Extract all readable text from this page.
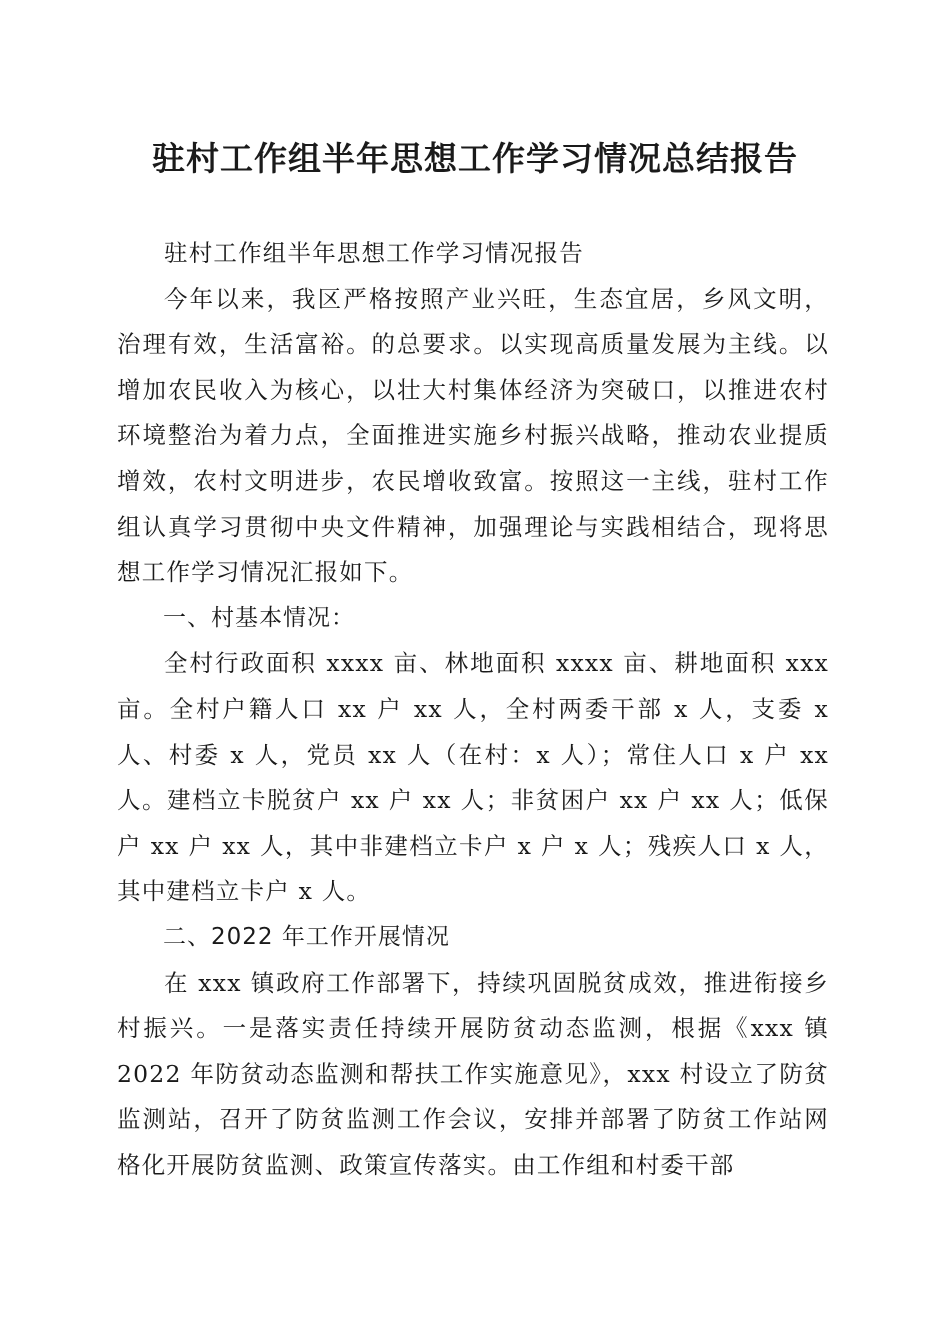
驻村工作组半年思想工作学习情况总结报告

驻村工作组半年思想工作学习情况报告

今年以来，我区严格按照产业兴旺，生态宜居，乡风文明，治理有效，生活富裕。的总要求。以实现高质量发展为主线。以增加农民收入为核心，以壮大村集体经济为突破口，以推进农村环境整治为着力点，全面推进实施乡村振兴战略，推动农业提质增效，农村文明进步，农民增收致富。按照这一主线，驻村工作组认真学习贯彻中央文件精神，加强理论与实践相结合，现将思想工作学习情况汇报如下。

一、村基本情况：

全村行政面积 xxxx 亩、林地面积 xxxx 亩、耕地面积 xxx 亩。全村户籍人口 xx 户 xx 人，全村两委干部 x 人，支委 x 人、村委 x 人，党员 xx 人（在村：x 人）；常住人口 x 户 xx 人。建档立卡脱贫户 xx 户 xx 人；非贫困户 xx 户 xx 人；低保户 xx 户 xx 人，其中非建档立卡户 x 户 x 人；残疾人口 x 人，其中建档立卡户 x 人。

二、2022 年工作开展情况

在 xxx 镇政府工作部署下，持续巩固脱贫成效，推进衔接乡村振兴。一是落实责任持续开展防贫动态监测，根据《xxx 镇 2022 年防贫动态监测和帮扶工作实施意见》，xxx 村设立了防贫监测站，召开了防贫监测工作会议，安排并部署了防贫工作站网格化开展防贫监测、政策宣传落实。由工作组和村委干部
